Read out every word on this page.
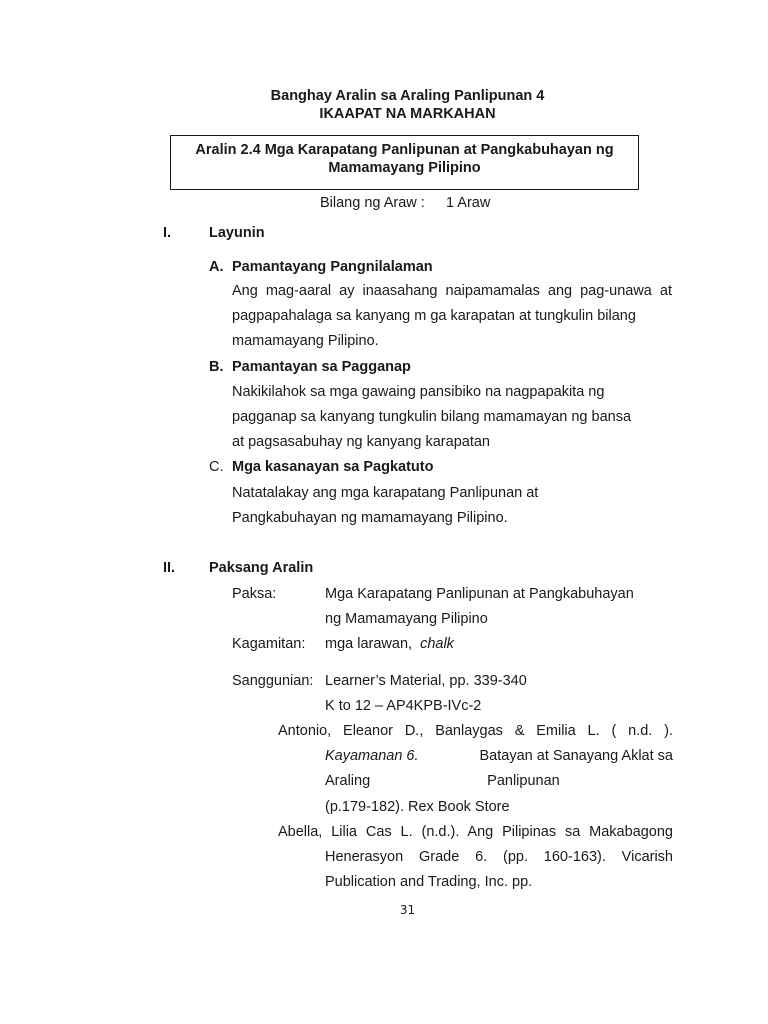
Banghay Aralin sa Araling Panlipunan 4
IKAAPAT NA MARKAHAN
Aralin 2.4 Mga Karapatang Panlipunan at Pangkabuhayan ng
Mamamayang Pilipino
Bilang ng Araw : 1 Araw
I.	Layunin
A. Pamantayang Pangnilalaman
Ang mag-aaral ay inaasahang naipamamalas ang pag-unawa at
pagpapahalaga sa kanyang m ga karapatan at tungkulin bilang
mamamayang Pilipino.
B. Pamantayan sa Pagganap
Nakikilahok sa mga gawaing pansibiko na nagpapakita ng
pagganap sa kanyang tungkulin bilang mamamayan ng bansa
at pagsasabuhay ng kanyang karapatan
C. Mga kasanayan sa Pagkatuto
Natatalakay ang mga karapatang Panlipunan at
Pangkabuhayan ng mamamayang Pilipino.
II. Paksang Aralin
Paksa:	Mga Karapatang Panlipunan at Pangkabuhayan
ng Mamamayang Pilipino
Kagamitan: mga larawan, chalk
Sanggunian: Learner’s Material, pp. 339-340
K to 12 – AP4KPB-IVc-2
Antonio, Eleanor D., Banlaygas & Emilia L. ( n.d. ).
Kayamanan 6.	Batayan at Sanayang Aklat sa
Araling Panlipunan
(p.179-182). Rex Book Store
Abella, Lilia Cas L. (n.d.). Ang Pilipinas sa Makabagong
Henerasyon Grade 6. (pp. 160-163). Vicarish
Publication and Trading, Inc. pp.
31
